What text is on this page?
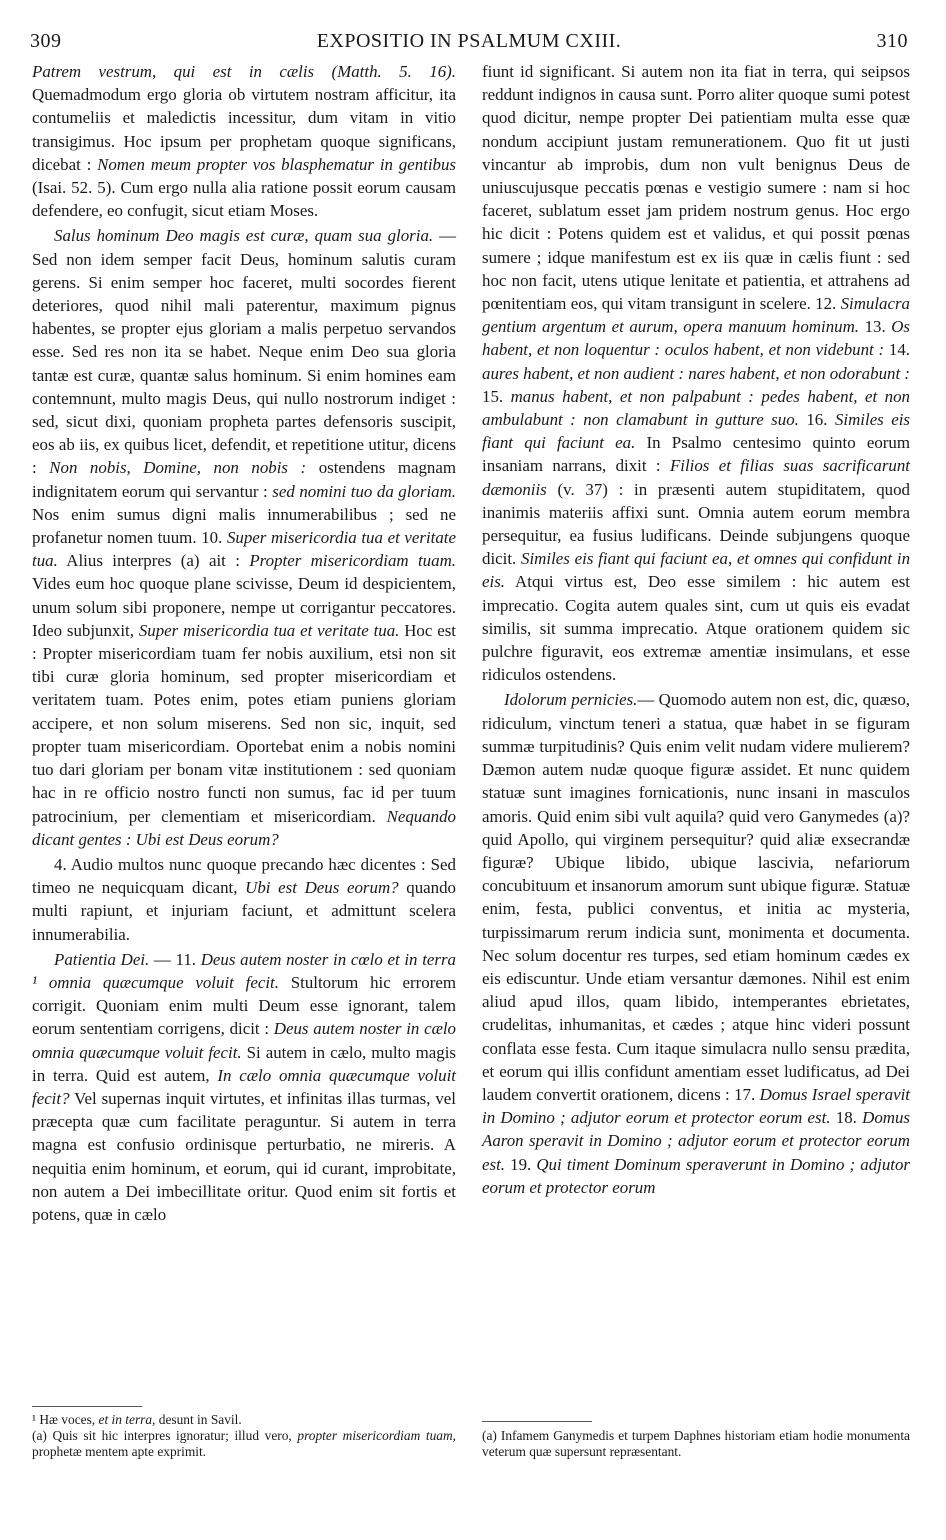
309	EXPOSITIO IN PSALMUM CXIII.	310

Patrem vestrum, qui est in cælis (Matth. 5. 16). Quemadmodum ergo gloria ob virtutem nostram afficitur, ita contumeliis et maledictis incessitur, dum vitam in vitio transigimus. Hoc ipsum per prophetam quoque significans, dicebat : Nomen meum propter vos blasphematur in gentibus (Isai. 52. 5). Cum ergo nulla alia ratione possit eorum causam defendere, eo confugit, sicut etiam Moses.

Salus hominum Deo magis est curæ, quam sua gloria. — Sed non idem semper facit Deus, hominum salutis curam gerens. Si enim semper hoc faceret, multi socordes fierent deteriores, quod nihil mali paterentur, maximum pignus habentes, se propter ejus gloriam a malis perpetuo servandos esse. Sed res non ita se habet. Neque enim Deo sua gloria tantæ est curæ, quantæ salus hominum. Si enim homines eam contemnunt, multo magis Deus, qui nullo nostrorum indiget : sed, sicut dixi, quoniam propheta partes defensoris suscipit, eos ab iis, ex quibus licet, defendit, et repetitione utitur, dicens : Non nobis, Domine, non nobis : ostendens magnam indignitatem eorum qui servantur : sed nomini tuo da gloriam. Nos enim sumus digni malis innumerabilibus ; sed ne profanetur nomen tuum. 10. Super misericordia tua et veritate tua. Alius interpres (a) ait : Propter misericordiam tuam. Vides eum hoc quoque plane scivisse, Deum id despicientem, unum solum sibi proponere, nempe ut corrigantur peccatores. Ideo subjunxit, Super misericordia tua et veritate tua. Hoc est : Propter misericordiam tuam fer nobis auxilium, etsi non sit tibi curæ gloria hominum, sed propter misericordiam et veritatem tuam. Potes enim, potes etiam puniens gloriam accipere, et non solum miserens. Sed non sic, inquit, sed propter tuam misericordiam. Oportebat enim a nobis nomini tuo dari gloriam per bonam vitæ institutionem : sed quoniam hac in re officio nostro functi non sumus, fac id per tuum patrocinium, per clementiam et misericordiam. Nequando dicant gentes : Ubi est Deus eorum?

4. Audio multos nunc quoque precando hæc dicentes : Sed timeo ne nequicquam dicant, Ubi est Deus eorum? quando multi rapiunt, et injuriam faciunt, et admittunt scelera innumerabilia.

Patientia Dei. — 11. Deus autem noster in cœlo et in terra ¹ omnia quæcumque voluit fecit. Stultorum hic errorem corrigit. Quoniam enim multi Deum esse ignorant, talem eorum sententiam corrigens, dicit : Deus autem noster in cælo omnia quæcumque voluit fecit. Si autem in cælo, multo magis in terra. Quid est autem, In cælo omnia quæcumque voluit fecit? Vel supernas inquit virtutes, et infinitas illas turmas, vel præcepta quæ cum facilitate peraguntur. Si autem in terra magna est confusio ordinisque perturbatio, ne mireris. A nequitia enim hominum, et eorum, qui id curant, improbitate, non autem a Dei imbecillitate oritur. Quod enim sit fortis et potens, quæ in cælo

fiunt id significant. Si autem non ita fiat in terra, qui seipsos reddunt indignos in causa sunt. Porro aliter quoque sumi potest quod dicitur, nempe propter Dei patientiam multa esse quæ nondum accipiunt justam remunerationem. Quo fit ut justi vincantur ab improbis, dum non vult benignus Deus de uniuscujusque peccatis pœnas e vestigio sumere : nam si hoc faceret, sublatum esset jam pridem nostrum genus. Hoc ergo hic dicit : Potens quidem est et validus, et qui possit pœnas sumere ; idque manifestum est ex iis quæ in cælis fiunt : sed hoc non facit, utens utique lenitate et patientia, et attrahens ad pœnitentiam eos, qui vitam transigunt in scelere. 12. Simulacra gentium argentum et aurum, opera manuum hominum. 13. Os habent, et non loquentur : oculos habent, et non videbunt : 14. aures habent, et non audient : nares habent, et non odorabunt : 15. manus habent, et non palpabunt : pedes habent, et non ambulabunt : non clamabunt in gutture suo. 16. Similes eis fiant qui faciunt ea. In Psalmo centesimo quinto eorum insaniam narrans, dixit : Filios et filias suas sacrificarunt dæmoniis (v. 37) : in præsenti autem stupiditatem, quod inanimis materiis affixi sunt. Omnia autem eorum membra persequitur, ea fusius ludificans. Deinde subjungens quoque dicit. Similes eis fiant qui faciunt ea, et omnes qui confidunt in eis. Atqui virtus est, Deo esse similem : hic autem est imprecatio. Cogita autem quales sint, cum ut quis eis evadat similis, sit summa imprecatio. Atque orationem quidem sic pulchre figuravit, eos extremæ amentiæ insimulans, et esse ridiculos ostendens.

Idolorum pernicies.— Quomodo autem non est, dic, quæso, ridiculum, vinctum teneri a statua, quæ habet in se figuram summæ turpitudinis? Quis enim velit nudam videre mulierem? Dæmon autem nudæ quoque figuræ assidet. Et nunc quidem statuæ sunt imagines fornicationis, nunc insani in masculos amoris. Quid enim sibi vult aquila? quid vero Ganymedes (a)? quid Apollo, qui virginem persequitur? quid aliæ exsecrandæ figuræ? Ubique libido, ubique lascivia, nefariorum concubituum et insanorum amorum sunt ubique figuræ. Statuæ enim, festa, publici conventus, et initia ac mysteria, turpissimarum rerum indicia sunt, monimenta et documenta. Nec solum docentur res turpes, sed etiam hominum cædes ex eis ediscuntur. Unde etiam versantur dæmones. Nihil est enim aliud apud illos, quam libido, intemperantes ebrietates, crudelitas, inhumanitas, et cædes ; atque hinc videri possunt conflata esse festa. Cum itaque simulacra nullo sensu prædita, et eorum qui illis confidunt amentiam esset ludificatus, ad Dei laudem convertit orationem, dicens : 17. Domus Israel speravit in Domino ; adjutor eorum et protector eorum est. 18. Domus Aaron speravit in Domino ; adjutor eorum et protector eorum est. 19. Qui timent Dominum speraverunt in Domino ; adjutor eorum et protector eorum

¹ Hæ voces, et in terra, desunt in Savil.

(a) Quis sit hic interpres ignoratur; illud vero, propter misericordiam tuam, prophetæ mentem apte exprimit.

(a) Infamem Ganymedis et turpem Daphnes historiam etiam hodie monumenta veterum quæ supersunt repræsentant.
